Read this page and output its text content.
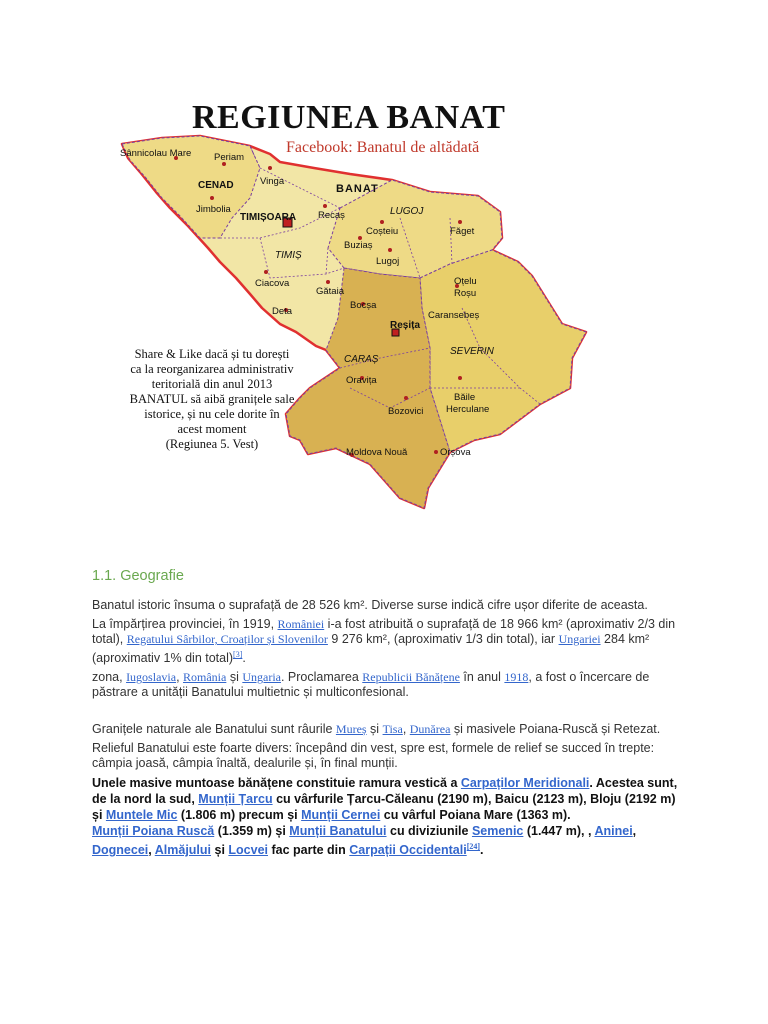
REGIUNEA BANAT
Facebook: Banatul de altădată
BANAT
CENAD
TIMIȘ
LUGOJ
CARAȘ
SEVERIN
Sânnicolau Mare Periam
Vinga
Jimbolia
TIMIȘOARA Recaș
Coșteiu	Făget
Buziaș
Lugoj
Ciacova
Gătaia
Oțelu
Roșu
Bocșa
Caransebeș
Deta
Reșița
Oravița
Băile
Herculane
Bozovici
Moldova Nouă	Orșova
Share & Like dacă și tu dorești
ca la reorganizarea administrativ
teritorială din anul 2013
BANATUL să aibă granițele sale
istorice, și nu cele dorite în
acest moment
(Regiunea 5. Vest)
1.1. Geografie

Banatul istoric însuma o suprafață de 28 526 km². Diverse surse indică cifre ușor diferite de aceasta.

La împărțirea provinciei, în 1919, României i-a fost atribuită o suprafață de 18 966 km² (aproximativ 2/3 din total), Regatului Sârbilor, Croaților și Slovenilor 9 276 km², (aproximativ 1/3 din total), iar Ungariei 284 km² (aproximativ 1% din total)[3].

zona, Iugoslavia, România și Ungaria. Proclamarea Republicii Bănățene în anul 1918, a fost o încercare de păstrare a unității Banatului multietnic și multiconfesional.

Granițele naturale ale Banatului sunt râurile Mureș și Tisa, Dunărea și masivele Poiana-Ruscă și Retezat.

Relieful Banatului este foarte divers: începând din vest, spre est, formele de relief se succed în trepte: câmpia joasă, câmpia înaltă, dealurile și, în final munții.

Unele masive muntoase bănățene constituie ramura vestică a Carpaților Meridionali. Acestea sunt, de la nord la sud, Munții Țarcu cu vârfurile Țarcu-Căleanu (2190 m), Baicu (2123 m), Bloju (2192 m) și Muntele Mic (1.806 m) precum și Munții Cernei cu vârful Poiana Mare (1363 m).

Munții Poiana Ruscă (1.359 m) și Munții Banatului cu diviziunile Semenic (1.447 m), , Aninei, Dognecei, Almăjului și Locvei fac parte din Carpații Occidentali[24].
